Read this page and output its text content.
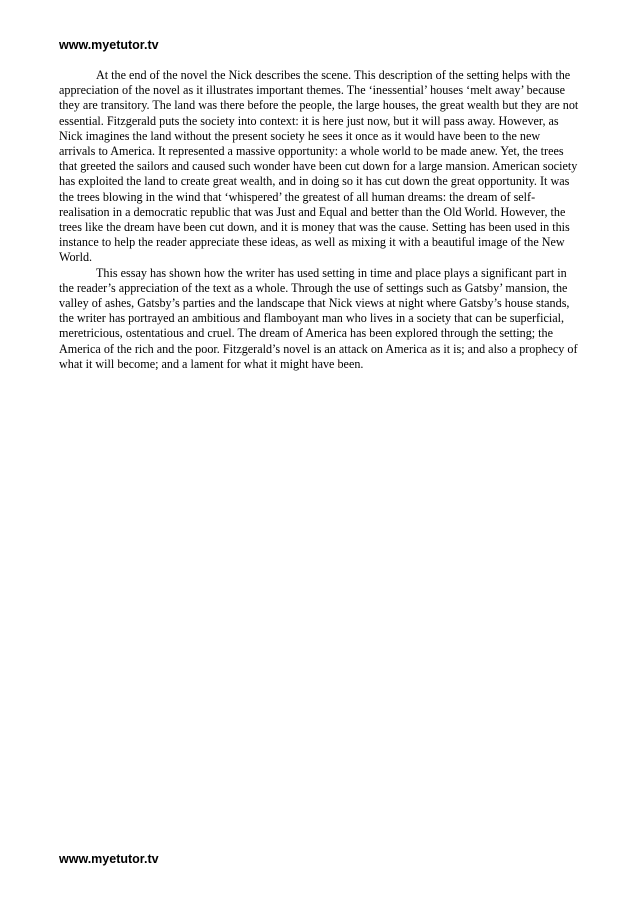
www.myetutor.tv

At the end of the novel the Nick describes the scene. This description of the setting helps with the appreciation of the novel as it illustrates important themes. The ‘inessential’ houses ‘melt away’ because they are transitory. The land was there before the people, the large houses, the great wealth but they are not essential. Fitzgerald puts the society into context: it is here just now, but it will pass away. However, as Nick imagines the land without the present society he sees it once as it would have been to the new arrivals to America. It represented a massive opportunity: a whole world to be made anew. Yet, the trees that greeted the sailors and caused such wonder have been cut down for a large mansion. American society has exploited the land to create great wealth, and in doing so it has cut down the great opportunity. It was the trees blowing in the wind that ‘whispered’ the greatest of all human dreams: the dream of self-realisation in a democratic republic that was Just and Equal and better than the Old World. However, the trees like the dream have been cut down, and it is money that was the cause. Setting has been used in this instance to help the reader appreciate these ideas, as well as mixing it with a beautiful image of the New World.

This essay has shown how the writer has used setting in time and place plays a significant part in the reader’s appreciation of the text as a whole. Through the use of settings such as Gatsby’ mansion, the valley of ashes, Gatsby’s parties and the landscape that Nick views at night where Gatsby’s house stands, the writer has portrayed an ambitious and flamboyant man who lives in a society that can be superficial, meretricious, ostentatious and cruel. The dream of America has been explored through the setting; the America of the rich and the poor. Fitzgerald’s novel is an attack on America as it is; and also a prophecy of what it will become; and a lament for what it might have been.

www.myetutor.tv
